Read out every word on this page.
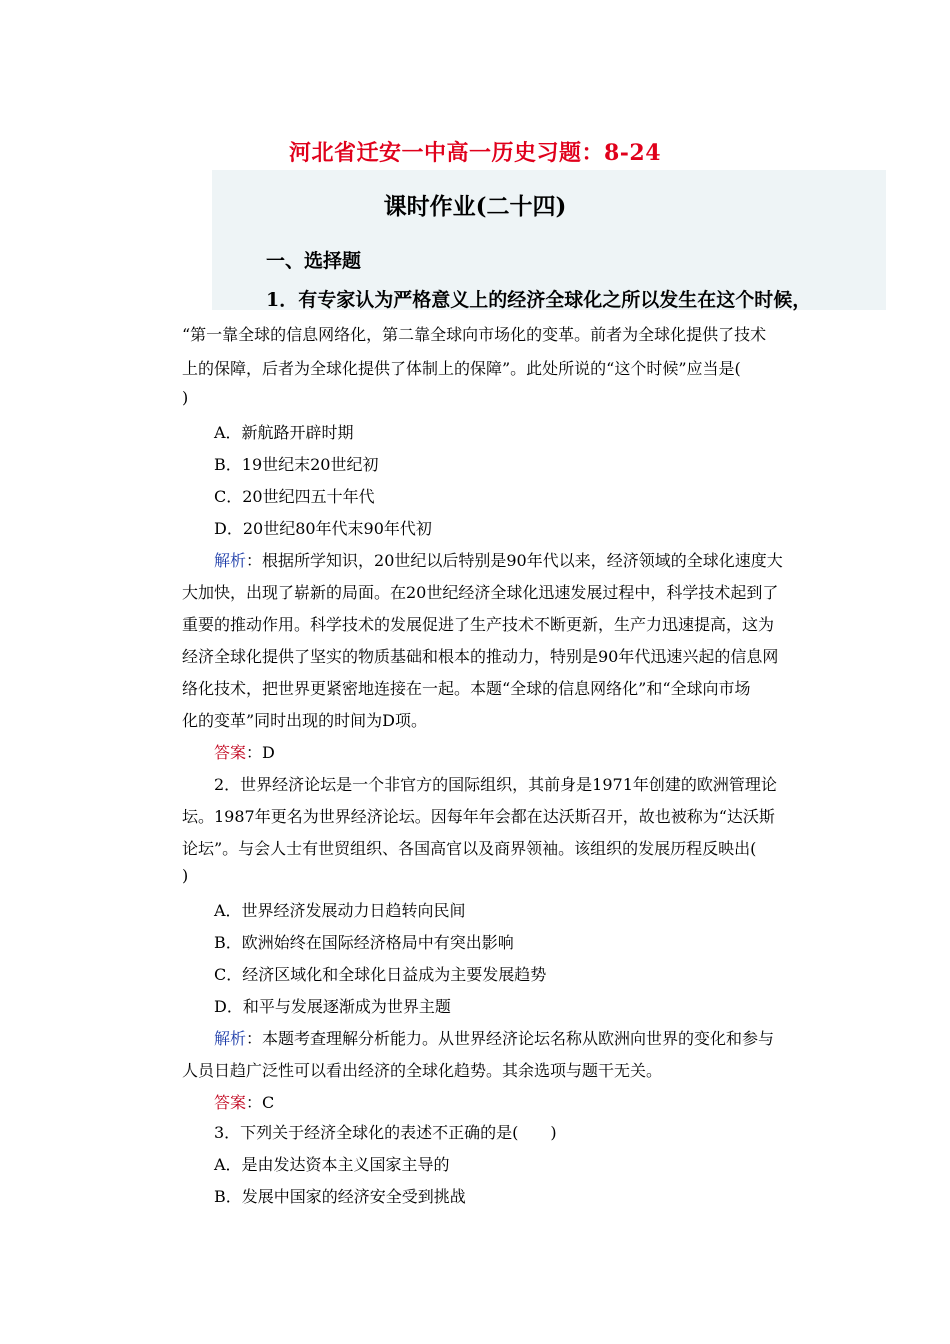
河北省迁安一中高一历史习题：8-24
课时作业(二十四)
一、选择题
1．有专家认为严格意义上的经济全球化之所以发生在这个时候，
“第一靠全球的信息网络化，第二靠全球向市场化的变革。前者为全球化提供了技术
上的保障，后者为全球化提供了体制上的保障”。此处所说的“这个时候”应当是(
)
A．新航路开辟时期
B．19世纪末20世纪初
C．20世纪四五十年代
D．20世纪80年代末90年代初
解析：根据所学知识，20世纪以后特别是90年代以来，经济领域的全球化速度大
大加快，出现了崭新的局面。在20世纪经济全球化迅速发展过程中，科学技术起到了
重要的推动作用。科学技术的发展促进了生产技术不断更新，生产力迅速提高，这为
经济全球化提供了坚实的物质基础和根本的推动力，特别是90年代迅速兴起的信息网
络化技术，把世界更紧密地连接在一起。本题“全球的信息网络化”和“全球向市场
化的变革”同时出现的时间为D项。
答案：D
2．世界经济论坛是一个非官方的国际组织，其前身是1971年创建的欧洲管理论
坛。1987年更名为世界经济论坛。因每年年会都在达沃斯召开，故也被称为“达沃斯
论坛”。与会人士有世贸组织、各国高官以及商界领袖。该组织的发展历程反映出(
)
A．世界经济发展动力日趋转向民间
B．欧洲始终在国际经济格局中有突出影响
C．经济区域化和全球化日益成为主要发展趋势
D．和平与发展逐渐成为世界主题
解析：本题考查理解分析能力。从世界经济论坛名称从欧洲向世界的变化和参与
人员日趋广泛性可以看出经济的全球化趋势。其余选项与题干无关。
答案：C
3．下列关于经济全球化的表述不正确的是(　　)
A．是由发达资本主义国家主导的
B．发展中国家的经济安全受到挑战
